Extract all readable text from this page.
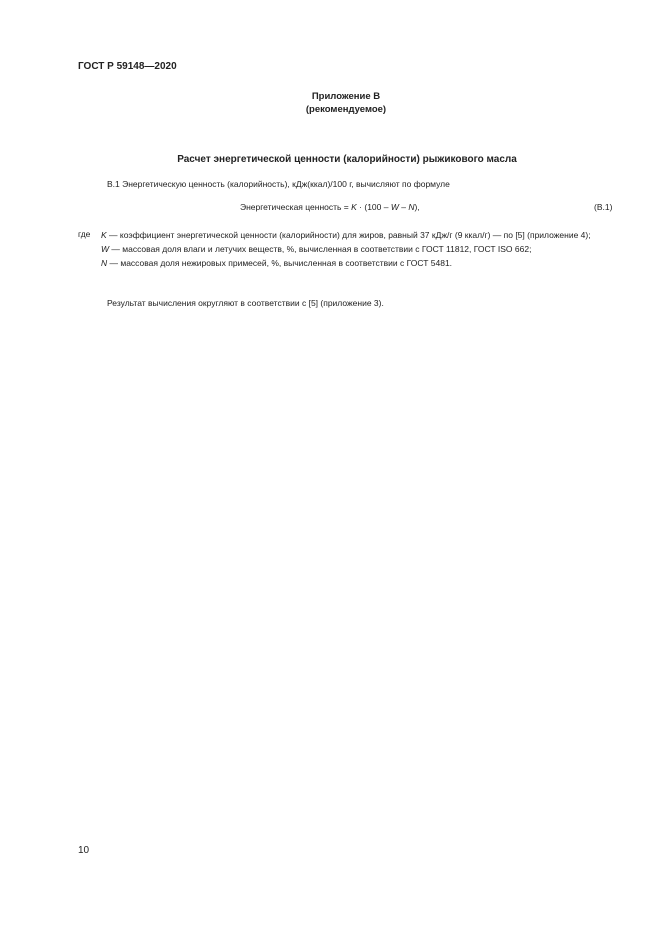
ГОСТ Р 59148—2020
Приложение В
(рекомендуемое)
Расчет энергетической ценности (калорийности) рыжикового масла
В.1 Энергетическую ценность (калорийность), кДж(ккал)/100 г, вычисляют по формуле
Энергетическая ценность = K · (100 – W – N),	(В.1)
где K — коэффициент энергетической ценности (калорийности) для жиров, равный 37 кДж/г (9 ккал/г) — по [5] (приложение 4);
W — массовая доля влаги и летучих веществ, %, вычисленная в соответствии с ГОСТ 11812, ГОСТ ISO 662;
N — массовая доля нежировых примесей, %, вычисленная в соответствии с ГОСТ 5481.
Результат вычисления округляют в соответствии с [5] (приложение 3).
10
